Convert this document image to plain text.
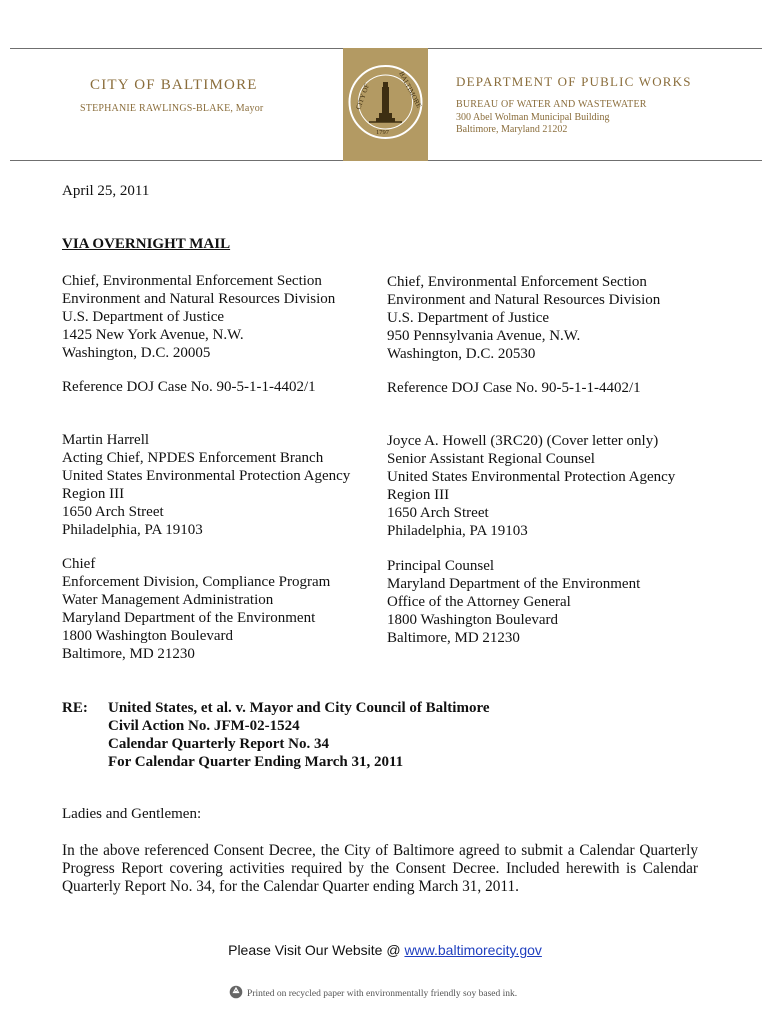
CITY OF BALTIMORE
STEPHANIE RAWLINGS-BLAKE, Mayor	CITY OF	BALTIMORE
1797
DEPARTMENT OF PUBLIC WORKS
BUREAU OF WATER AND WASTEWATER
300 Abel Wolman Municipal Building
Baltimore, Maryland 21202
April 25, 2011
VIA OVERNIGHT MAIL
Chief, Environmental Enforcement Section
Environment and Natural Resources Division
U.S. Department of Justice
1425 New York Avenue, N.W.
Washington, D.C. 20005
Reference DOJ Case No. 90-5-1-1-4402/1
Chief, Environmental Enforcement Section
Environment and Natural Resources Division
U.S. Department of Justice
950 Pennsylvania Avenue, N.W.
Washington, D.C. 20530
Reference DOJ Case No. 90-5-1-1-4402/1
Martin Harrell
Acting Chief, NPDES Enforcement Branch
United States Environmental Protection Agency
Region III
1650 Arch Street
Philadelphia, PA 19103
Joyce A. Howell (3RC20) (Cover letter only)
Senior Assistant Regional Counsel
United States Environmental Protection Agency
Region III
1650 Arch Street
Philadelphia, PA 19103
Chief
Enforcement Division, Compliance Program
Water Management Administration
Maryland Department of the Environment
1800 Washington Boulevard
Baltimore, MD 21230
Principal Counsel
Maryland Department of the Environment
Office of the Attorney General
1800 Washington Boulevard
Baltimore, MD 21230
RE: United States, et al. v. Mayor and City Council of Baltimore
Civil Action No. JFM-02-1524
Calendar Quarterly Report No. 34
For Calendar Quarter Ending March 31, 2011
Ladies and Gentlemen:
In the above referenced Consent Decree, the City of Baltimore agreed to submit a Calendar Quarterly Progress Report covering activities required by the Consent Decree. Included herewith is Calendar Quarterly Report No. 34, for the Calendar Quarter ending March 31, 2011.
Please Visit Our Website @ www.baltimorecity.gov
Printed on recycled paper with environmentally friendly soy based ink.
